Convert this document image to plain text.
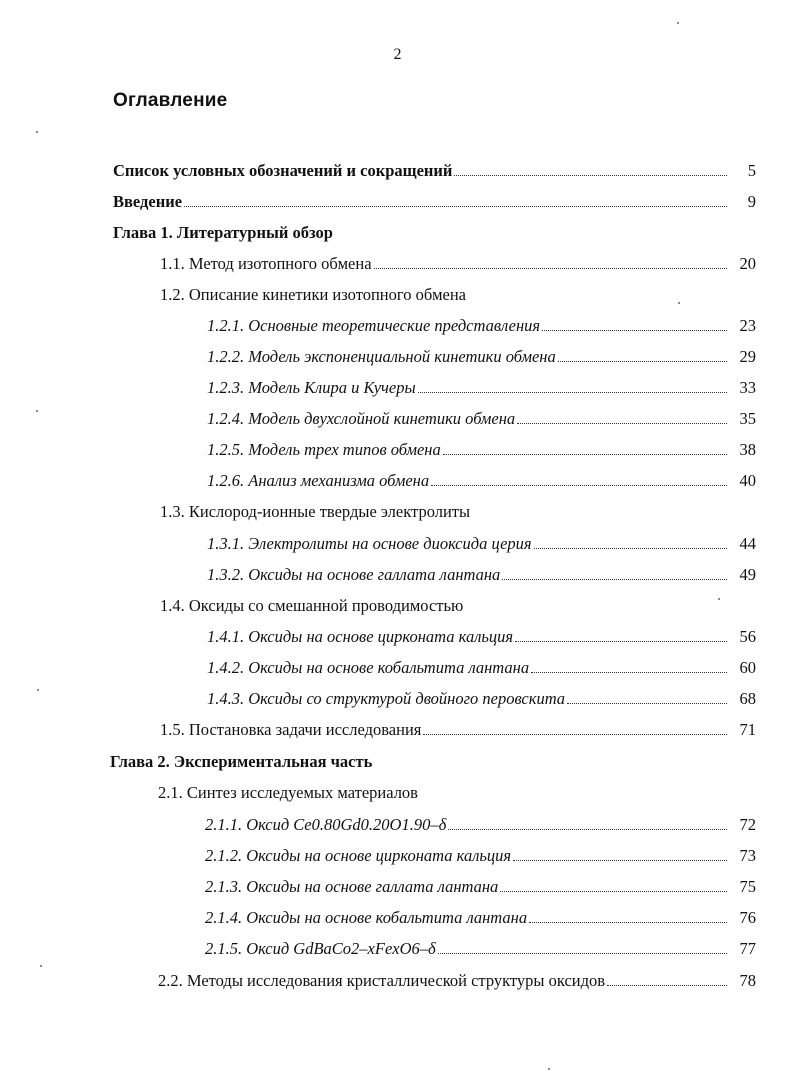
2
Оглавление
Список условных обозначений и сокращений	5
Введение	9
Глава 1. Литературный обзор
1.1. Метод изотопного обмена	20
1.2. Описание кинетики изотопного обмена
1.2.1. Основные теоретические представления	23
1.2.2. Модель экспоненциальной кинетики обмена	29
1.2.3. Модель Клира и Кучеры	33
1.2.4. Модель двухслойной кинетики обмена	35
1.2.5. Модель трех типов обмена	38
1.2.6. Анализ механизма обмена	40
1.3. Кислород-ионные твердые электролиты
1.3.1. Электролиты на основе диоксида церия	44
1.3.2. Оксиды на основе галлата лантана	49
1.4. Оксиды со смешанной проводимостью
1.4.1. Оксиды на основе цирконата кальция	56
1.4.2. Оксиды на основе кобальтита лантана	60
1.4.3. Оксиды со структурой двойного перовскита	68
1.5. Постановка задачи исследования	71
Глава 2. Экспериментальная часть
2.1. Синтез исследуемых материалов
2.1.1. Оксид Ce0.80Gd0.20O1.90–δ	72
2.1.2. Оксиды на основе цирконата кальция	73
2.1.3. Оксиды на основе галлата лантана	75
2.1.4. Оксиды на основе кобальтита лантана	76
2.1.5. Оксид GdBaCo2–xFexO6–δ	77
2.2. Методы исследования кристаллической структуры оксидов	78
